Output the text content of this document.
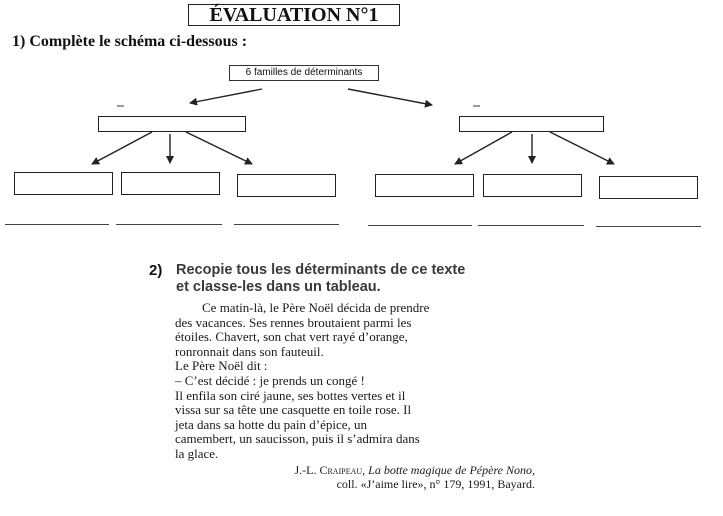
ÉVALUATION N°1
1) Complète le schéma ci-dessous :
6 familles de déterminants
2) Recopie tous les déterminants de ce texte
et classe-les dans un tableau.
Ce matin-là, le Père Noël décida de prendre
des vacances. Ses rennes broutaient parmi les
étoiles. Chavert, son chat vert rayé d’orange,
ronronnait dans son fauteuil.
Le Père Noël dit :
– C’est décidé : je prends un congé !
Il enfila son ciré jaune, ses bottes vertes et il
vissa sur sa tête une casquette en toile rose. Il
jeta dans sa hotte du pain d’épice, un
camembert, un saucisson, puis il s’admira dans
la glace.
J.-L. Craipeau, La botte magique de Pépère Nono,
coll. «J’aime lire», n° 179, 1991, Bayard.
